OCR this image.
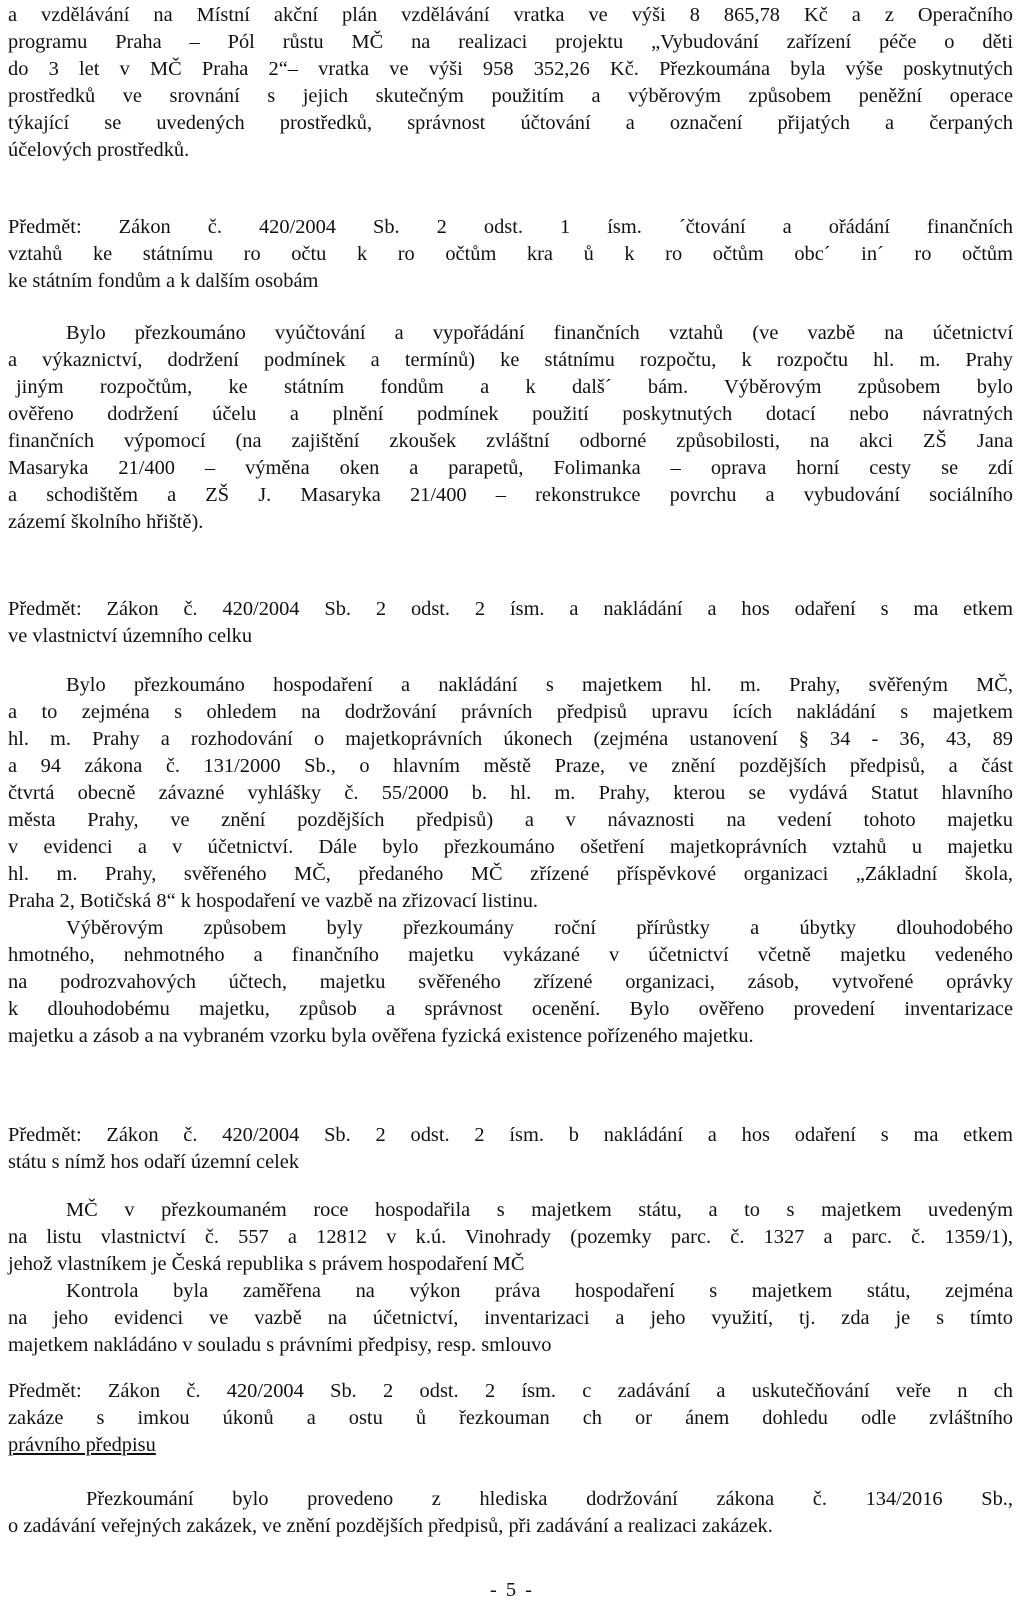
a vzdělávání na Místní akční plán vzdělávání vratka ve výši 8 865,78 Kč a z Operačního
programu Praha – Pól růstu MČ na realizaci projektu „Vybudování zařízení péče o děti
do 3 let v MČ Praha 2“– vratka ve výši 958 352,26 Kč. Přezkoumána byla výše poskytnutých
prostředků ve srovnání s jejich skutečným použitím a výběrovým způsobem peněžní operace
týkající se uvedených prostředků, správnost účtování a označení přijatých a čerpaných
účelových prostředků.
Předmět: Zákon č. 420/2004 Sb. 2 odst. 1 ísm. ´čtování a ořádání finančních
vztahů ke státnímu ro očtu k ro očtům kra ů k ro očtům obc´ in´ ro očtům
ke státním fondům a k dalším osobám
Bylo přezkoumáno vyúčtování a vypořádání finančních vztahů (ve vazbě na účetnictví
a výkaznictví, dodržení podmínek a termínů) ke státnímu rozpočtu, k rozpočtu hl. m. Prahy
jiným rozpočtům, ke státním fondům a k dalš´ bám. Výběrovým způsobem bylo
ověřeno dodržení účelu a plnění podmínek použití poskytnutých dotací nebo návratných
finančních výpomocí (na zajištění zkoušek zvláštní odborné způsobilosti, na akci ZŠ Jana
Masaryka 21/400 – výměna oken a parapetů, Folimanka – oprava horní cesty se zdí
a schodištěm a ZŠ J. Masaryka 21/400 – rekonstrukce povrchu a vybudování sociálního
zázemí školního hřiště).
Předmět: Zákon č. 420/2004 Sb. 2 odst. 2 ísm. a nakládání a hos odaření s ma etkem
ve vlastnictví územního celku
Bylo přezkoumáno hospodaření a nakládání s majetkem hl. m. Prahy, svěřeným MČ,
a to zejména s ohledem na dodržování právních předpisů upravu ících nakládání s majetkem
hl. m. Prahy a rozhodování o majetkoprávních úkonech (zejména ustanovení § 34 - 36, 43, 89
a 94 zákona č. 131/2000 Sb., o hlavním městě Praze, ve znění pozdějších předpisů, a část
čtvrtá obecně závazné vyhlášky č. 55/2000 b. hl. m. Prahy, kterou se vydává Statut hlavního
města Prahy, ve znění pozdějších předpisů) a v návaznosti na vedení tohoto majetku
v evidenci a v účetnictví. Dále bylo přezkoumáno ošetření majetkoprávních vztahů u majetku
hl. m. Prahy, svěřeného MČ, předaného MČ zřízené příspěvkové organizaci „Základní škola,
Praha 2, Botičská 8“ k hospodaření ve vazbě na zřizovací listinu.
Výběrovým způsobem byly přezkoumány roční přírůstky a úbytky dlouhodobého
hmotného, nehmotného a finančního majetku vykázané v účetnictví včetně majetku vedeného
na podrozvahových účtech, majetku svěřeného zřízené organizaci, zásob, vytvořené oprávky
k dlouhodobému majetku, způsob a správnost ocenění. Bylo ověřeno provedení inventarizace
majetku a zásob a na vybraném vzorku byla ověřena fyzická existence pořízeného majetku.
Předmět: Zákon č. 420/2004 Sb. 2 odst. 2 ísm. b nakládání a hos odaření s ma etkem
státu s nímž hos odaří územní celek
MČ v přezkoumaném roce hospodařila s majetkem státu, a to s majetkem uvedeným
na listu vlastnictví č. 557 a 12812 v k.ú. Vinohrady (pozemky parc. č. 1327 a parc. č. 1359/1),
jehož vlastníkem je Česká republika s právem hospodaření MČ
Kontrola byla zaměřena na výkon práva hospodaření s majetkem státu, zejména
na jeho evidenci ve vazbě na účetnictví, inventarizaci a jeho využití, tj. zda je s tímto
majetkem nakládáno v souladu s právními předpisy, resp. smlouvo
Předmět: Zákon č. 420/2004 Sb. 2 odst. 2 ísm. c zadávání a uskutečňování veře n ch
zakáze s imkou úkonů a ostu ů řezkouman ch or ánem dohledu odle zvláštního
právního předpisu
Přezkoumání bylo provedeno z hlediska dodržování zákona č. 134/2016 Sb.,
o zadávání veřejných zakázek, ve znění pozdějších předpisů, při zadávání a realizaci zakázek.
- 5 -
